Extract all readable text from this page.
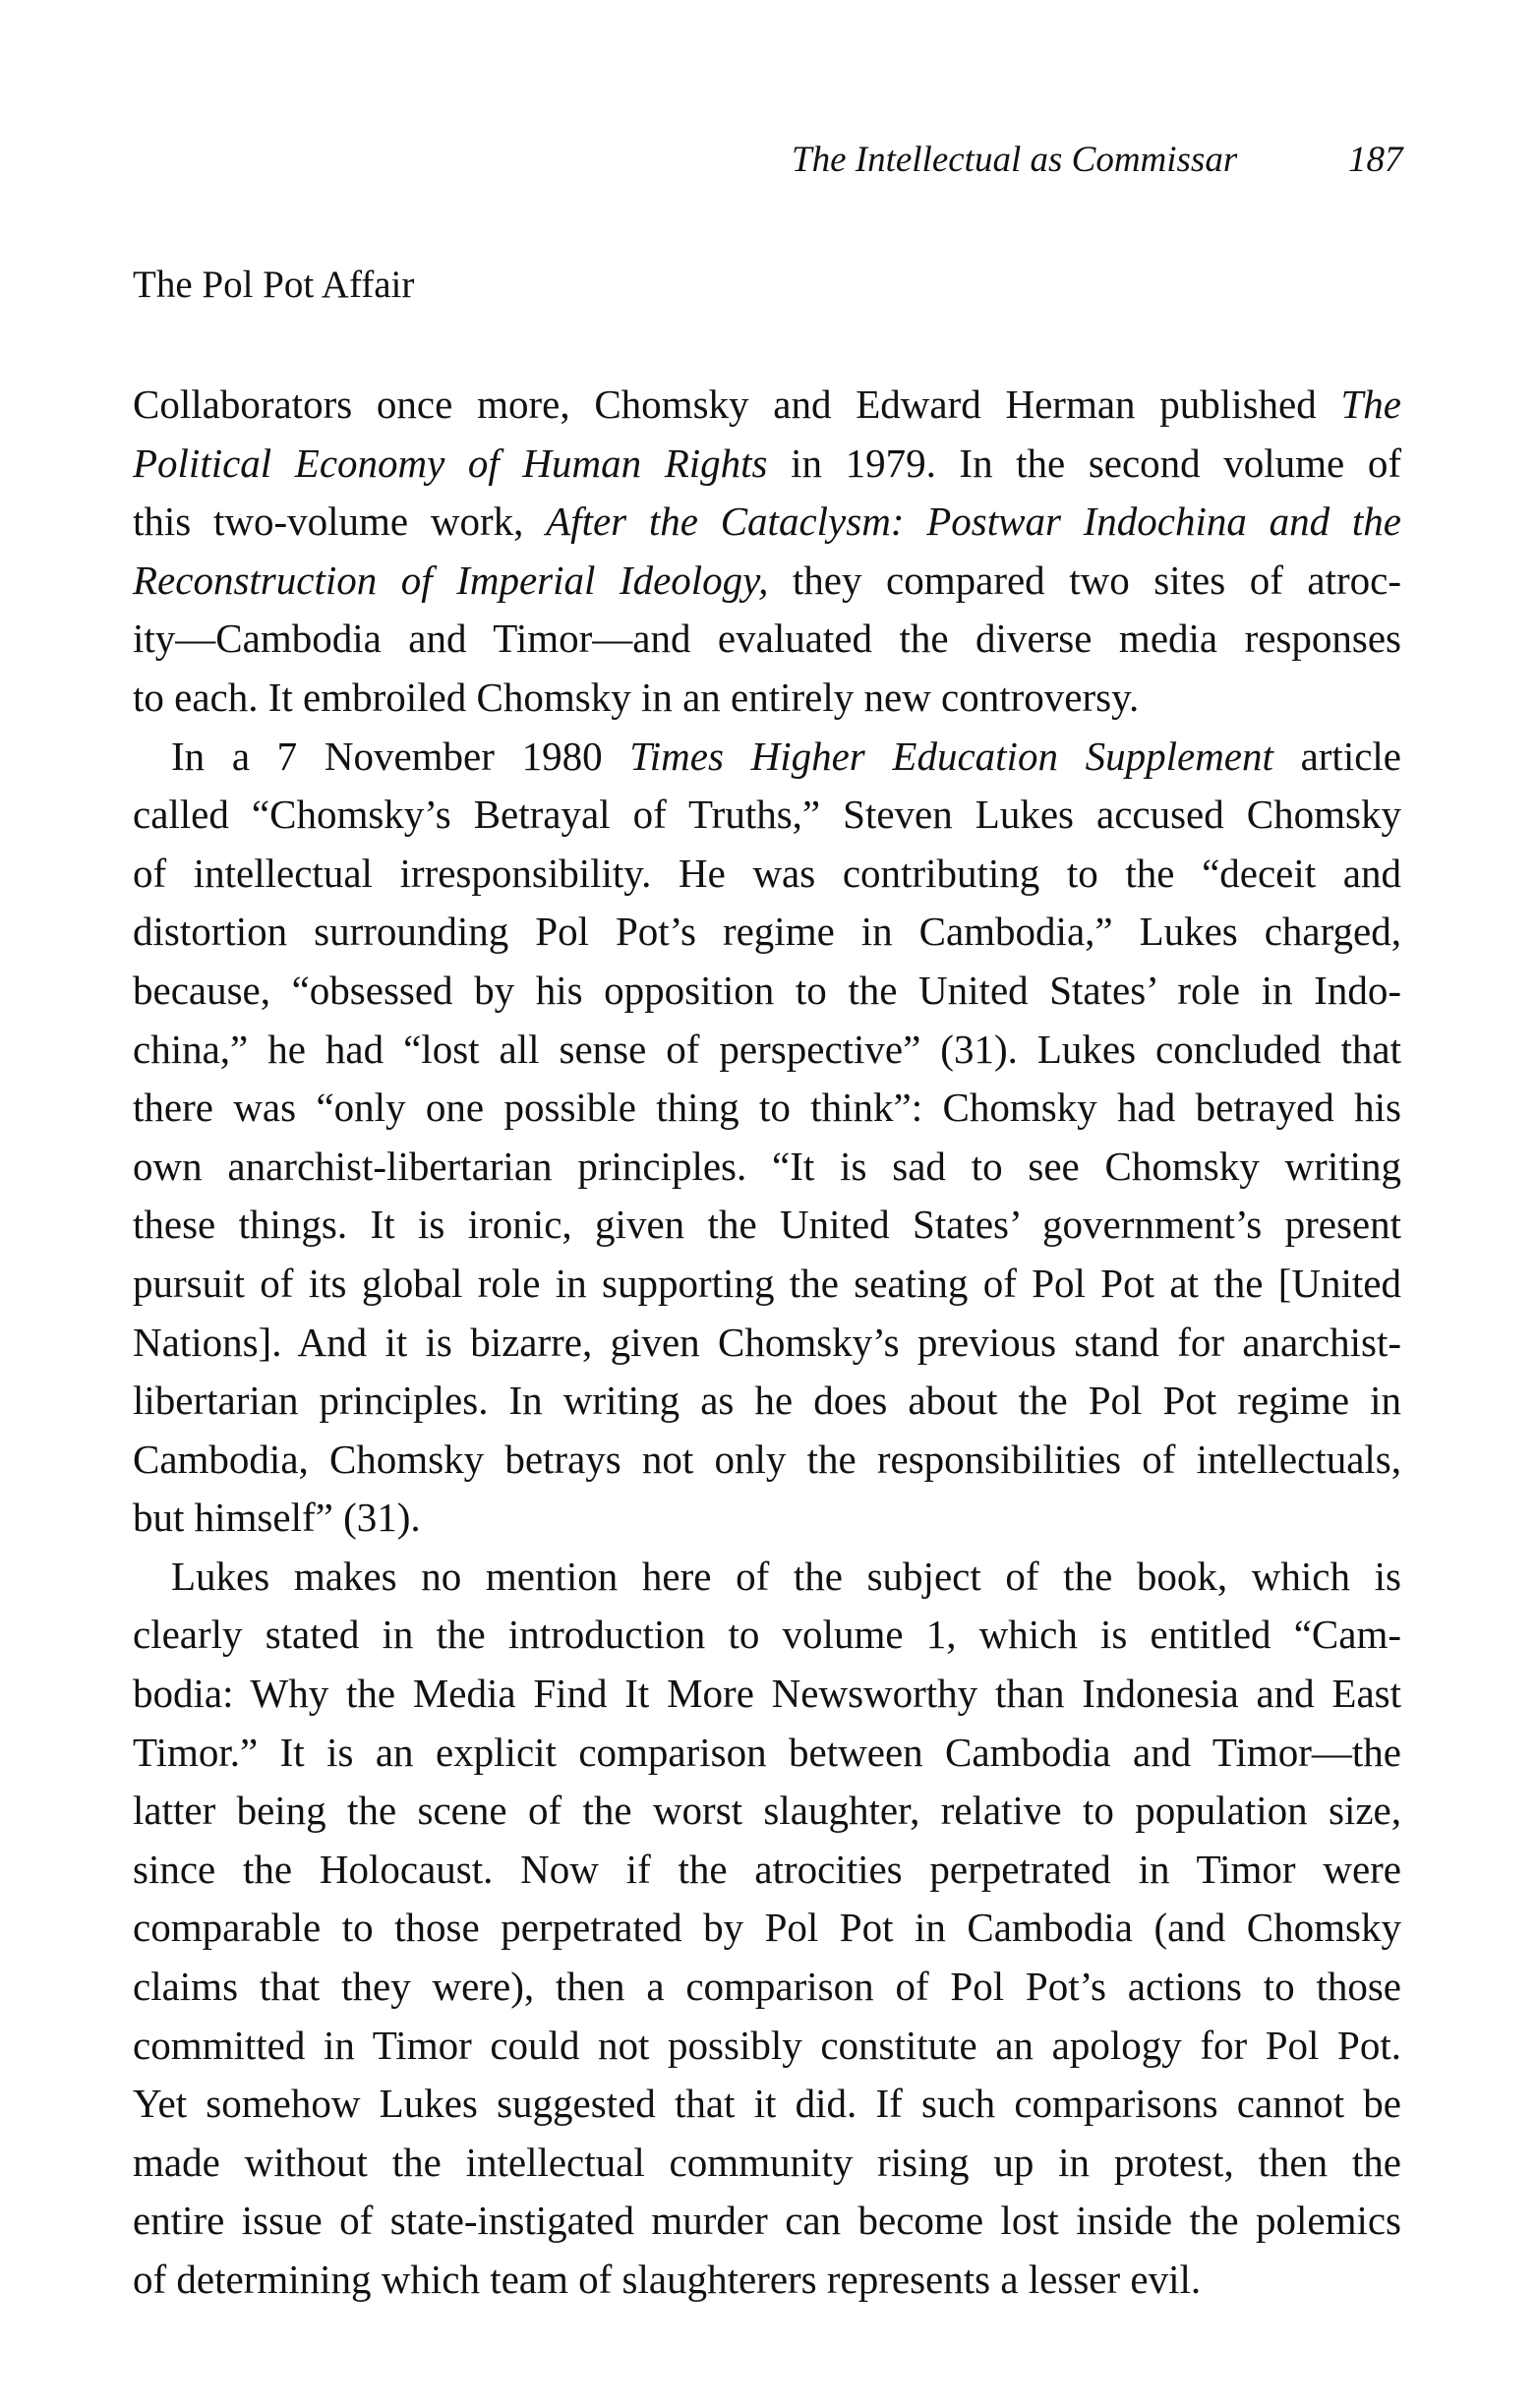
The Intellectual as Commissar	187
The Pol Pot Affair

Collaborators once more, Chomsky and Edward Herman published The
Political Economy of Human Rights in 1979. In the second volume of
this two-volume work, After the Cataclysm: Postwar Indochina and the
Reconstruction of Imperial Ideology, they compared two sites of atroc-
ity—Cambodia and Timor—and evaluated the diverse media responses
to each. It embroiled Chomsky in an entirely new controversy.

In a 7 November 1980 Times Higher Education Supplement article
called “Chomsky’s Betrayal of Truths,” Steven Lukes accused Chomsky
of intellectual irresponsibility. He was contributing to the “deceit and
distortion surrounding Pol Pot’s regime in Cambodia,” Lukes charged,
because, “obsessed by his opposition to the United States’ role in Indo-
china,” he had “lost all sense of perspective” (31). Lukes concluded that
there was “only one possible thing to think”: Chomsky had betrayed his
own anarchist-libertarian principles. “It is sad to see Chomsky writing
these things. It is ironic, given the United States’ government’s present
pursuit of its global role in supporting the seating of Pol Pot at the [United
Nations]. And it is bizarre, given Chomsky’s previous stand for anarchist-
libertarian principles. In writing as he does about the Pol Pot regime in
Cambodia, Chomsky betrays not only the responsibilities of intellectuals,
but himself” (31).

Lukes makes no mention here of the subject of the book, which is
clearly stated in the introduction to volume 1, which is entitled “Cam-
bodia: Why the Media Find It More Newsworthy than Indonesia and East
Timor.” It is an explicit comparison between Cambodia and Timor—the
latter being the scene of the worst slaughter, relative to population size,
since the Holocaust. Now if the atrocities perpetrated in Timor were
comparable to those perpetrated by Pol Pot in Cambodia (and Chomsky
claims that they were), then a comparison of Pol Pot’s actions to those
committed in Timor could not possibly constitute an apology for Pol Pot.
Yet somehow Lukes suggested that it did. If such comparisons cannot be
made without the intellectual community rising up in protest, then the
entire issue of state-instigated murder can become lost inside the polemics
of determining which team of slaughterers represents a lesser evil.
